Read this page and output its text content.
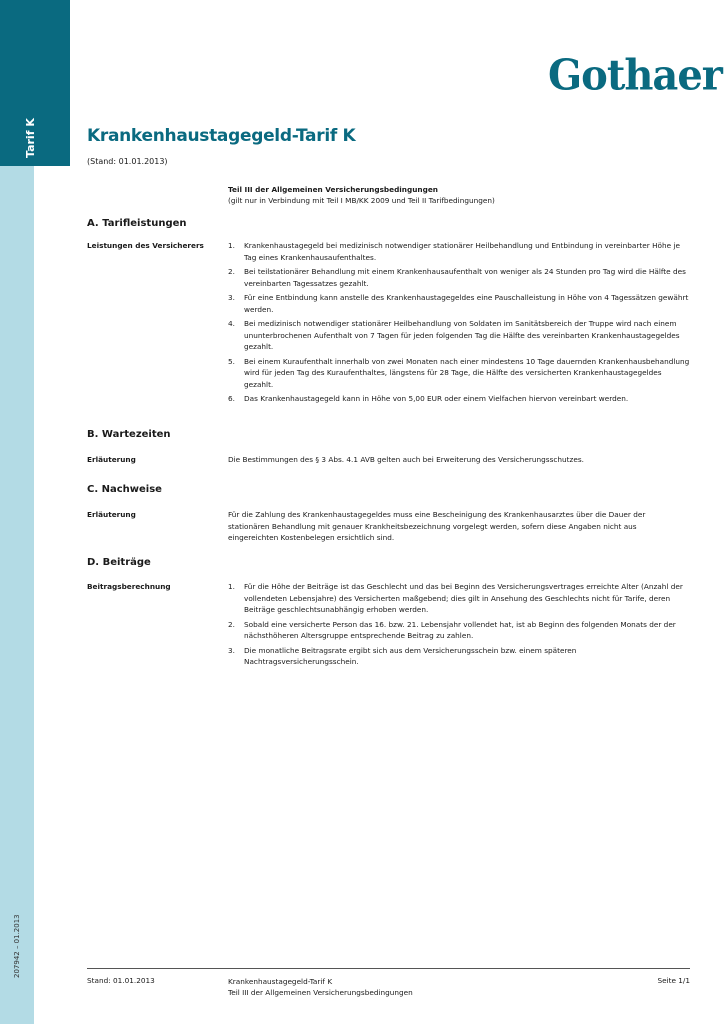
Tarif K
207942 – 01.2013
Gothaer
Krankenhaustagegeld-Tarif K
(Stand: 01.01.2013)
Teil III der Allgemeinen Versicherungsbedingungen
(gilt nur in Verbindung mit Teil I MB/KK 2009 und Teil II Tarifbedingungen)
A. Tarifleistungen
Leistungen des Versicherers	1. Krankenhaustagegeld bei medizinisch notwendiger stationärer Heilbehandlung und Entbindung in vereinbarter Höhe je Tag eines Krankenhausaufenthaltes.
2. Bei teilstationärer Behandlung mit einem Krankenhausaufenthalt von weniger als 24 Stunden pro Tag wird die Hälfte des vereinbarten Tagessatzes gezahlt.
3. Für eine Entbindung kann anstelle des Krankenhaustagegeldes eine Pauschalleistung in Höhe von 4 Tagessätzen gewährt werden.
4. Bei medizinisch notwendiger stationärer Heilbehandlung von Soldaten im Sanitätsbereich der Truppe wird nach einem ununterbrochenen Aufenthalt von 7 Tagen für jeden folgenden Tag die Hälfte des vereinbarten Krankenhaustagegeldes gezahlt.
5. Bei einem Kuraufenthalt innerhalb von zwei Monaten nach einer mindestens 10 Tage dauernden Krankenhausbehandlung wird für jeden Tag des Kuraufenthaltes, längstens für 28 Tage, die Hälfte des versicherten Krankenhaustagegeldes gezahlt.
6. Das Krankenhaustagegeld kann in Höhe von 5,00 EUR oder einem Vielfachen hiervon vereinbart werden.
B. Wartezeiten
Erläuterung	Die Bestimmungen des § 3 Abs. 4.1 AVB gelten auch bei Erweiterung des Versicherungsschutzes.
C. Nachweise
Erläuterung	Für die Zahlung des Krankenhaustagegeldes muss eine Bescheinigung des Krankenhausarztes über die Dauer der stationären Behandlung mit genauer Krankheitsbezeichnung vorgelegt werden, sofern diese Angaben nicht aus eingereichten Kostenbelegen ersichtlich sind.
D. Beiträge
Beitragsberechnung	1. Für die Höhe der Beiträge ist das Geschlecht und das bei Beginn des Versicherungsvertrages erreichte Alter (Anzahl der vollendeten Lebensjahre) des Versicherten maßgebend; dies gilt in Ansehung des Geschlechts nicht für Tarife, deren Beiträge geschlechtsunabhängig erhoben werden.
2. Sobald eine versicherte Person das 16. bzw. 21. Lebensjahr vollendet hat, ist ab Beginn des folgenden Monats der der nächsthöheren Altersgruppe entsprechende Beitrag zu zahlen.
3. Die monatliche Beitragsrate ergibt sich aus dem Versicherungsschein bzw. einem späteren Nachtragsversicherungsschein.
Stand: 01.01.2013	Krankenhaustagegeld-Tarif K
Teil III der Allgemeinen Versicherungsbedingungen
Seite 1/1
